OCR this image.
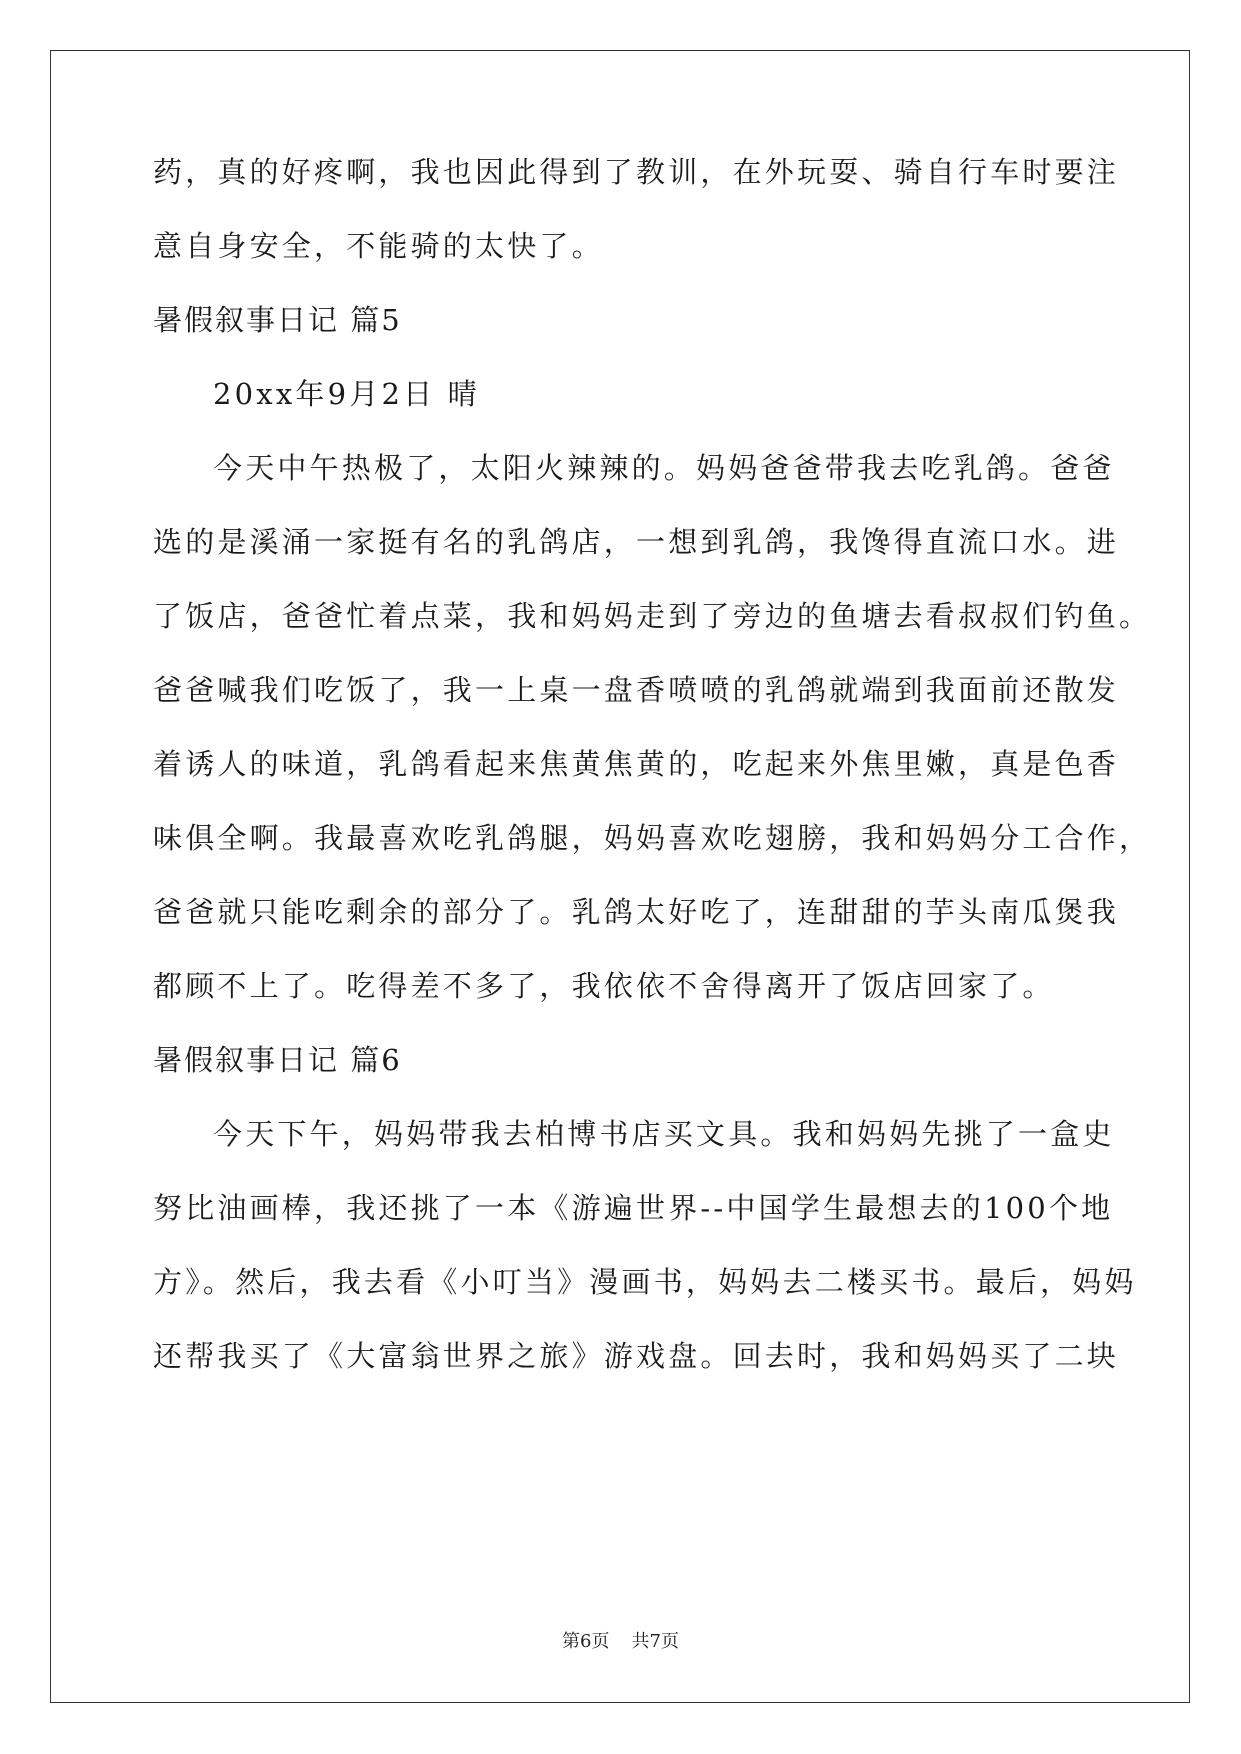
药，真的好疼啊，我也因此得到了教训，在外玩耍、骑自行车时要注
意自身安全，不能骑的太快了。
暑假叙事日记 篇5
20xx年9月2日 晴
今天中午热极了，太阳火辣辣的。妈妈爸爸带我去吃乳鸽。爸爸
选的是溪涌一家挺有名的乳鸽店，一想到乳鸽，我馋得直流口水。进
了饭店，爸爸忙着点菜，我和妈妈走到了旁边的鱼塘去看叔叔们钓鱼。
爸爸喊我们吃饭了，我一上桌一盘香喷喷的乳鸽就端到我面前还散发
着诱人的味道，乳鸽看起来焦黄焦黄的，吃起来外焦里嫩，真是色香
味俱全啊。我最喜欢吃乳鸽腿，妈妈喜欢吃翅膀，我和妈妈分工合作，
爸爸就只能吃剩余的部分了。乳鸽太好吃了，连甜甜的芋头南瓜煲我
都顾不上了。吃得差不多了，我依依不舍得离开了饭店回家了。
暑假叙事日记 篇6
今天下午，妈妈带我去柏博书店买文具。我和妈妈先挑了一盒史
努比油画棒，我还挑了一本《游遍世界--中国学生最想去的100个地
方》。然后，我去看《小叮当》漫画书，妈妈去二楼买书。最后，妈妈
还帮我买了《大富翁世界之旅》游戏盘。回去时，我和妈妈买了二块
第6页 共7页
